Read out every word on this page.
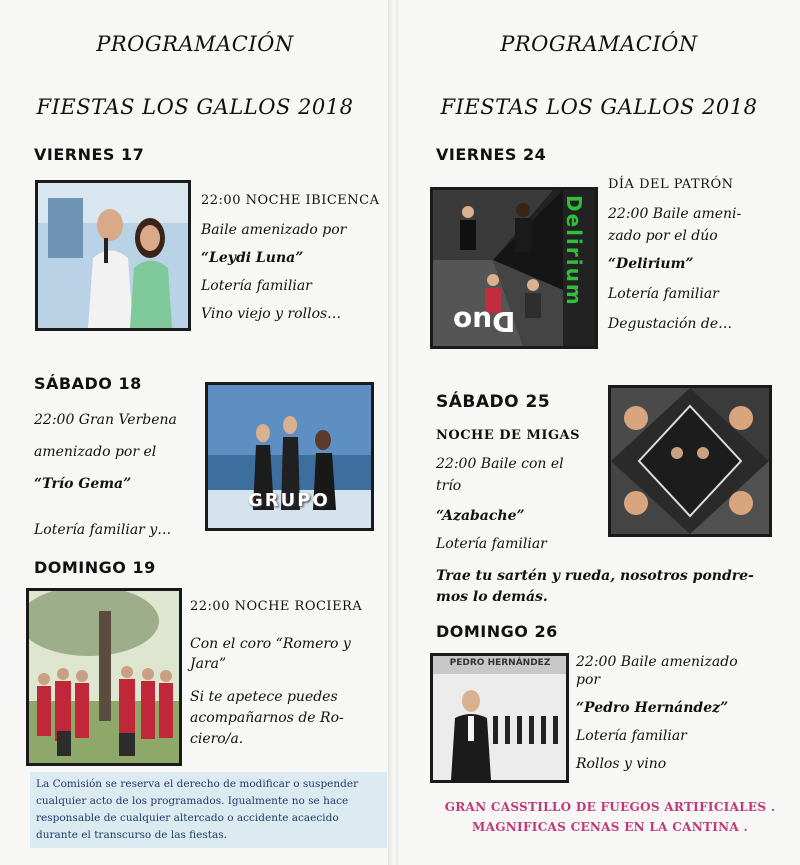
PROGRAMACIÓN
FIESTAS LOS GALLOS 2018
VIERNES 17
22:00 NOCHE IBICENCA
Baile amenizado por
“Leydi Luna”
Lotería familiar
Vino viejo y rollos…
SÁBADO 18
22:00 Gran Verbena
amenizado por el
“Trío Gema”
Lotería familiar y…
GRUPO
DOMINGO 19
22:00 NOCHE ROCIERA
Con el coro “Romero y
Jara”
Si te apetece puedes
acompañarnos de Ro-
ciero/a.
La Comisión se reserva el derecho de modificar o suspender cualquier acto de los programados. Igualmente no se hace responsable de cualquier altercado o accidente acaecido durante el transcurso de las fiestas.
PROGRAMACIÓN
FIESTAS LOS GALLOS 2018
VIERNES 24
Delirium
Duo
DÍA DEL PATRÓN
22:00 Baile ameni-
zado por el dúo
“Delirium”
Lotería familiar
Degustación de…
SÁBADO 25
NOCHE DE MIGAS
22:00 Baile con el
trío
“Azabache”
Lotería familiar
Trae tu sartén y rueda, nosotros pondre-
mos lo demás.
DOMINGO 26
PEDRO HERNÁNDEZ	22:00 Baile amenizado
por
“Pedro Hernández”
Lotería familiar
Rollos y vino
GRAN CASSTILLO DE FUEGOS ARTIFICIALES .
MAGNIFICAS CENAS EN LA CANTINA .
